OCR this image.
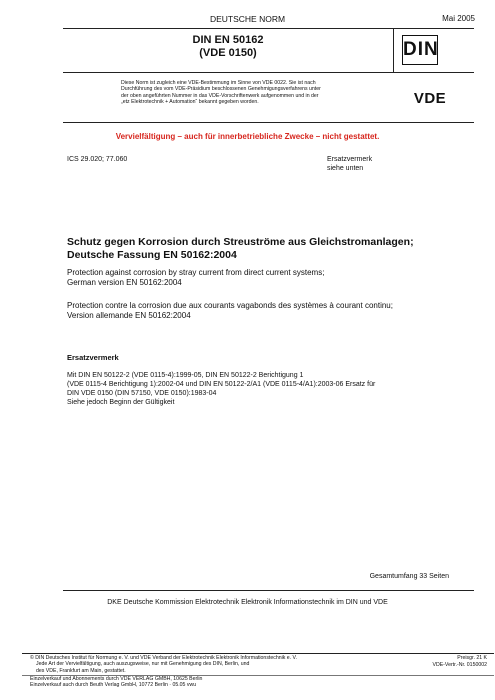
DEUTSCHE NORM	Mai 2005
DIN EN 50162
(VDE 0150)	DIN
Diese Norm ist zugleich eine VDE-Bestimmung im Sinne von VDE 0022. Sie ist nach
Durchführung des vom VDE-Präsidium beschlossenen Genehmigungsverfahrens unter
der oben angeführten Nummer in das VDE-Vorschriftenwerk aufgenommen und in der
„etz Elektrotechnik + Automation“ bekannt gegeben worden.	VDE
Vervielfältigung – auch für innerbetriebliche Zwecke – nicht gestattet.
ICS 29.020; 77.060	Ersatzvermerk
siehe unten
Schutz gegen Korrosion durch Streuströme aus Gleichstromanlagen;
Deutsche Fassung EN 50162:2004
Protection against corrosion by stray current from direct current systems;
German version EN 50162:2004
Protection contre la corrosion due aux courants vagabonds des systèmes à courant continu;
Version allemande EN 50162:2004
Ersatzvermerk
Mit DIN EN 50122-2 (VDE 0115-4):1999-05, DIN EN 50122-2 Berichtigung 1
(VDE 0115-4 Berichtigung 1):2002-04 und DIN EN 50122-2/A1 (VDE 0115-4/A1):2003-06 Ersatz für
DIN VDE 0150 (DIN 57150, VDE 0150):1983-04
Siehe jedoch Beginn der Gültigkeit
Gesamtumfang 33 Seiten
DKE Deutsche Kommission Elektrotechnik Elektronik Informationstechnik im DIN und VDE
© DIN Deutsches Institut für Normung e. V. und VDE Verband der Elektrotechnik Elektronik Informationstechnik e. V.
Jede Art der Vervielfältigung, auch auszugsweise, nur mit Genehmigung des DIN, Berlin, und
des VDE, Frankfurt am Main, gestattet.
Einzelverkauf und Abonnements durch VDE VERLAG GMBH, 10625 Berlin
Einzelverkauf auch durch Beuth Verlag GmbH, 10772 Berlin · 05.05 vwu
Preisgr. 21 K
VDE-Vertr.-Nr. 0150002
